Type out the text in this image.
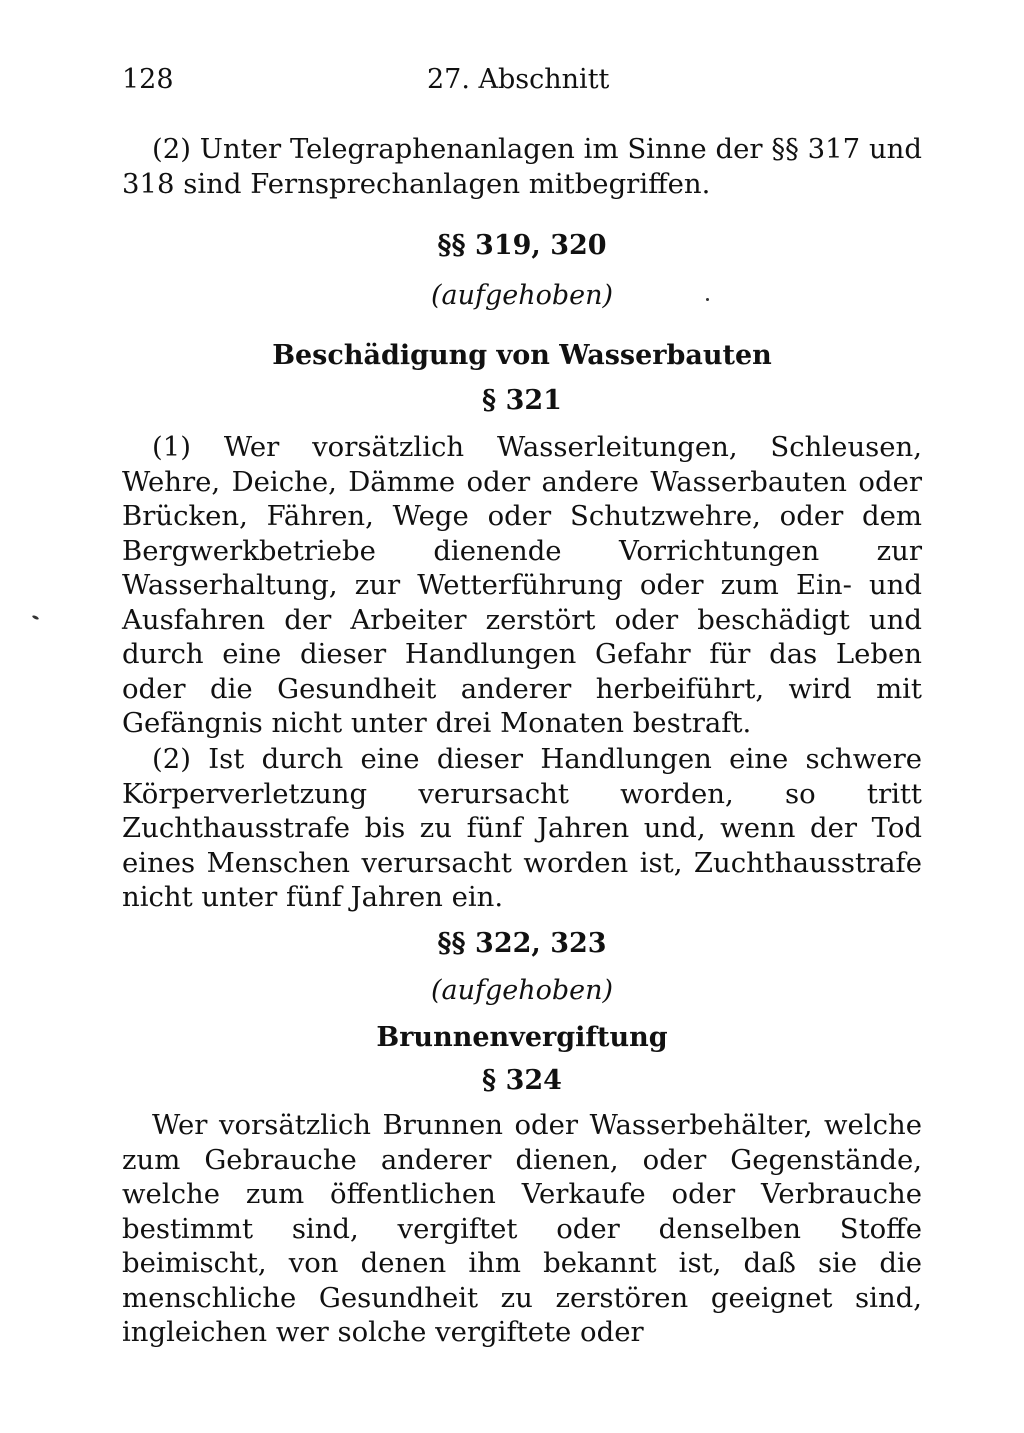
128	27. Abschnitt

(2) Unter Telegraphenanlagen im Sinne der §§ 317 und 318 sind Fernsprechanlagen mitbegriffen.

§§ 319, 320
(aufgehoben)
Beschädigung von Wasserbauten
§ 321

(1) Wer vorsätzlich Wasserleitungen, Schleusen, Wehre, Deiche, Dämme oder andere Wasserbauten oder Brücken, Fähren, Wege oder Schutzwehre, oder dem Bergwerkbetriebe dienende Vorrichtungen zur Wasserhaltung, zur Wetterführung oder zum Ein- und Ausfahren der Arbeiter zerstört oder beschädigt und durch eine dieser Handlungen Gefahr für das Leben oder die Gesundheit anderer herbeiführt, wird mit Gefängnis nicht unter drei Monaten bestraft.

(2) Ist durch eine dieser Handlungen eine schwere Körperverletzung verursacht worden, so tritt Zuchthausstrafe bis zu fünf Jahren und, wenn der Tod eines Menschen verursacht worden ist, Zuchthausstrafe nicht unter fünf Jahren ein.

§§ 322, 323
(aufgehoben)
Brunnenvergiftung
§ 324

Wer vorsätzlich Brunnen oder Wasserbehälter, welche zum Gebrauche anderer dienen, oder Gegenstände, welche zum öffentlichen Verkaufe oder Verbrauche bestimmt sind, vergiftet oder denselben Stoffe beimischt, von denen ihm bekannt ist, daß sie die menschliche Gesundheit zu zerstören geeignet sind, ingleichen wer solche vergiftete oder
